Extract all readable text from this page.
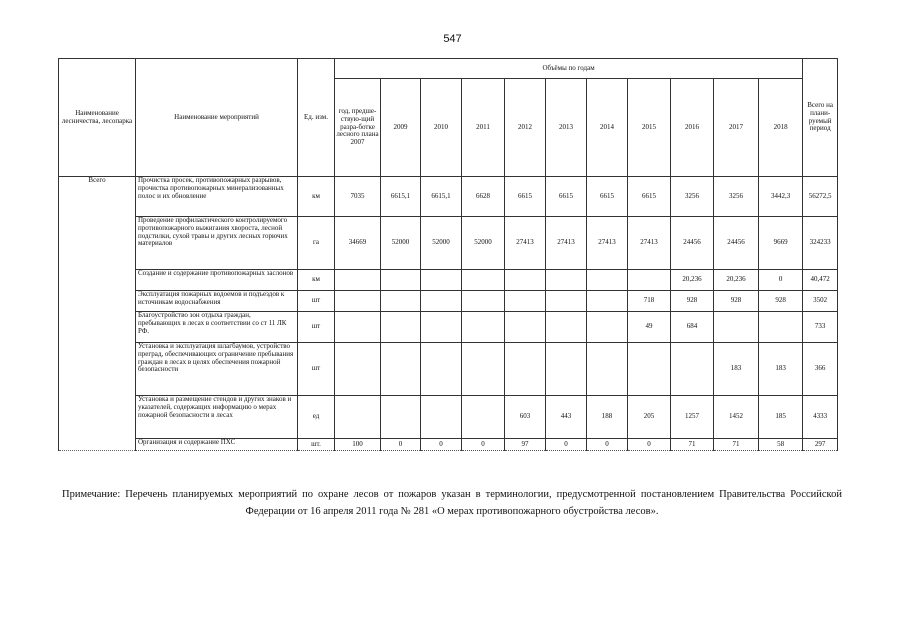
547
Наименование лесничества, лесопарка	Наименование мероприятий	Ед. изм.	Объёмы по годам											Всего на плани-руемый период
			год, предше-ствую-щий разра-ботке лесного плана 2007	2009	2010	2011	2012	2013	2014	2015	2016	2017	2018	
Всего	Прочистка просек, противопожарных разрывов, прочистка противопожарных минерализованных полос и их обновление	км	7035	6615,1	6615,1	6628	6615	6615	6615	6615	3256	3256	3442,3	56272,5
	Проведение профилактического контролируемого противопожарного выжигания хвороста, лесной подстилки, сухой травы и других лесных горючих материалов	га	34669	52000	52000	52000	27413	27413	27413	27413	24456	24456	9669	324233
	Создание и содержание противопожарных заслонов	км									20,236	20,236	0	40,472
	Эксплуатация пожарных водоемов и подъездов к источникам водоснабжения	шт								718	928	928	928	3502
	Благоустройство зон отдыха граждан, пребывающих в лесах в соответствии со ст 11 ЛК РФ.	шт								49	684			733
	Установка и эксплуатация шлагбаумов, устройство преград, обеспечивающих ограничение пребывания граждан в лесах в целях обеспечения пожарной безопасности	шт										183	183	366
	Установка и размещение стендов и других знаков и указателей, содержащих информацию о мерах пожарной безопасности в лесах	ед					603	443	188	205	1257	1452	185	4333
	Организация и содержание ПХС	шт.	100	0	0	0	97	0	0	0	71	71	58	297
Примечание: Перечень планируемых мероприятий по охране лесов от пожаров указан в терминологии, предусмотренной постановлением Правительства Российской Федерации от 16 апреля 2011 года № 281 «О мерах противопожарного обустройства лесов».
